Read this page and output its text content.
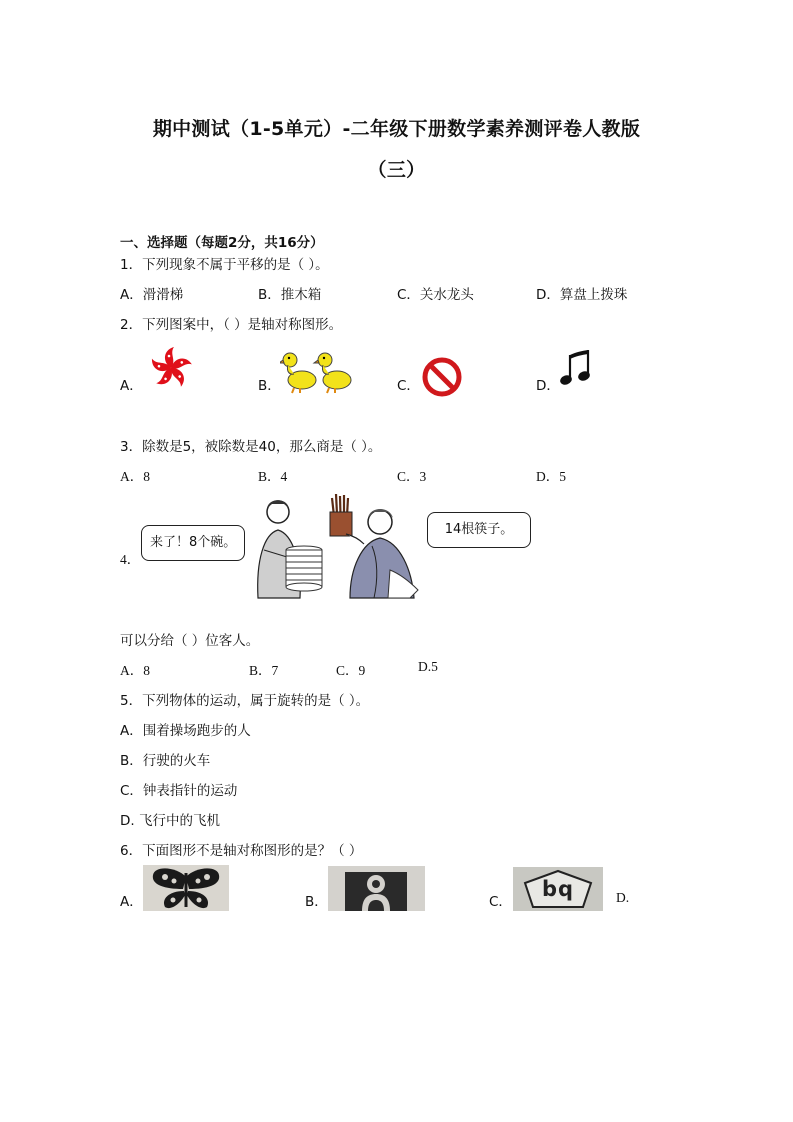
期中测试（1-5单元）-二年级下册数学素养测评卷人教版
（三）
一、选择题（每题2分，共16分）
1．下列现象不属于平移的是（ ）。
A．滑滑梯	B．推木箱	C．关水龙头	D．算盘上拨珠
2．下列图案中，（ ）是轴对称图形。
A．	B．	C．	D．
3．除数是5，被除数是40，那么商是（ ）。
A．8	B．4	C．3	D．5
4．
来了！8个碗。
14根筷子。
可以分给（ ）位客人。
A．8	B．7	C．9	D.5
5．下列物体的运动，属于旋转的是（ ）。
A．围着操场跑步的人
B．行驶的火车
C．钟表指针的运动
D. 飞行中的飞机
6．下面图形不是轴对称图形的是？（ ）
A．	B．	C．	D.
bq
